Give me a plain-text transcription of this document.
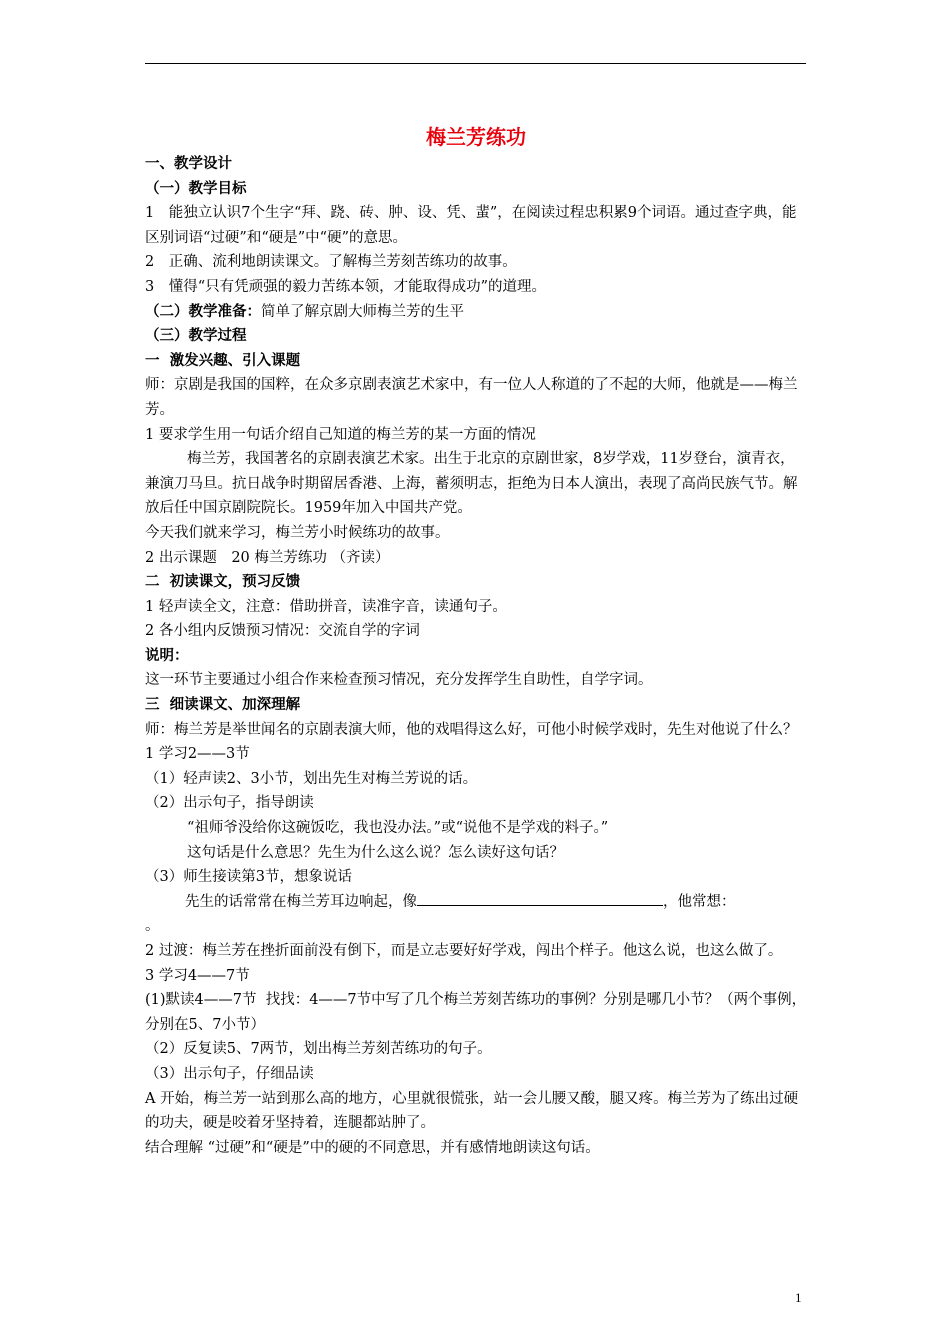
梅兰芳练功

一、教学设计

（一）教学目标

1　能独立认识7个生字“拜、跷、砖、肿、设、凭、蜚”，在阅读过程忠积累9个词语。通过查字典，能区别词语“过硬”和“硬是”中“硬”的意思。

2　正确、流利地朗读课文。了解梅兰芳刻苦练功的故事。

3　懂得“只有凭顽强的毅力苦练本领，才能取得成功”的道理。

（二）教学准备：简单了解京剧大师梅兰芳的生平

（三）教学过程

一  激发兴趣、引入课题

师：京剧是我国的国粹，在众多京剧表演艺术家中，有一位人人称道的了不起的大师，他就是——梅兰芳。

1 要求学生用一句话介绍自己知道的梅兰芳的某一方面的情况

梅兰芳，我国著名的京剧表演艺术家。出生于北京的京剧世家，8岁学戏，11岁登台，演青衣，兼演刀马旦。抗日战争时期留居香港、上海，蓄须明志，拒绝为日本人演出，表现了高尚民族气节。解放后任中国京剧院院长。1959年加入中国共产党。

今天我们就来学习，梅兰芳小时候练功的故事。

2 出示课题　20 梅兰芳练功 （齐读）

二  初读课文，预习反馈

1 轻声读全文，注意：借助拼音，读准字音，读通句子。

2 各小组内反馈预习情况：交流自学的字词

说明：

这一环节主要通过小组合作来检查预习情况，充分发挥学生自助性，自学字词。

三  细读课文、加深理解

师：梅兰芳是举世闻名的京剧表演大师，他的戏唱得这么好，可他小时候学戏时，先生对他说了什么？

1 学习2——3节

（1）轻声读2、3小节，划出先生对梅兰芳说的话。

（2）出示句子，指导朗读

“祖师爷没给你这碗饭吃，我也没办法。”或“说他不是学戏的料子。”

这句话是什么意思？先生为什么这么说？怎么读好这句话？

（3）师生接读第3节，想象说话

先生的话常常在梅兰芳耳边响起，像	，他常想：

。

2 过渡：梅兰芳在挫折面前没有倒下，而是立志要好好学戏，闯出个样子。他这么说，也这么做了。

3 学习4——7节

(1)默读4——7节  找找：4——7节中写了几个梅兰芳刻苦练功的事例？分别是哪几小节？（两个事例，分别在5、7小节）

（2）反复读5、7两节，划出梅兰芳刻苦练功的句子。

（3）出示句子，仔细品读

A 开始，梅兰芳一站到那么高的地方，心里就很慌张，站一会儿腰又酸，腿又疼。梅兰芳为了练出过硬的功夫，硬是咬着牙坚持着，连腿都站肿了。

结合理解 “过硬”和“硬是”中的硬的不同意思，并有感情地朗读这句话。

1
